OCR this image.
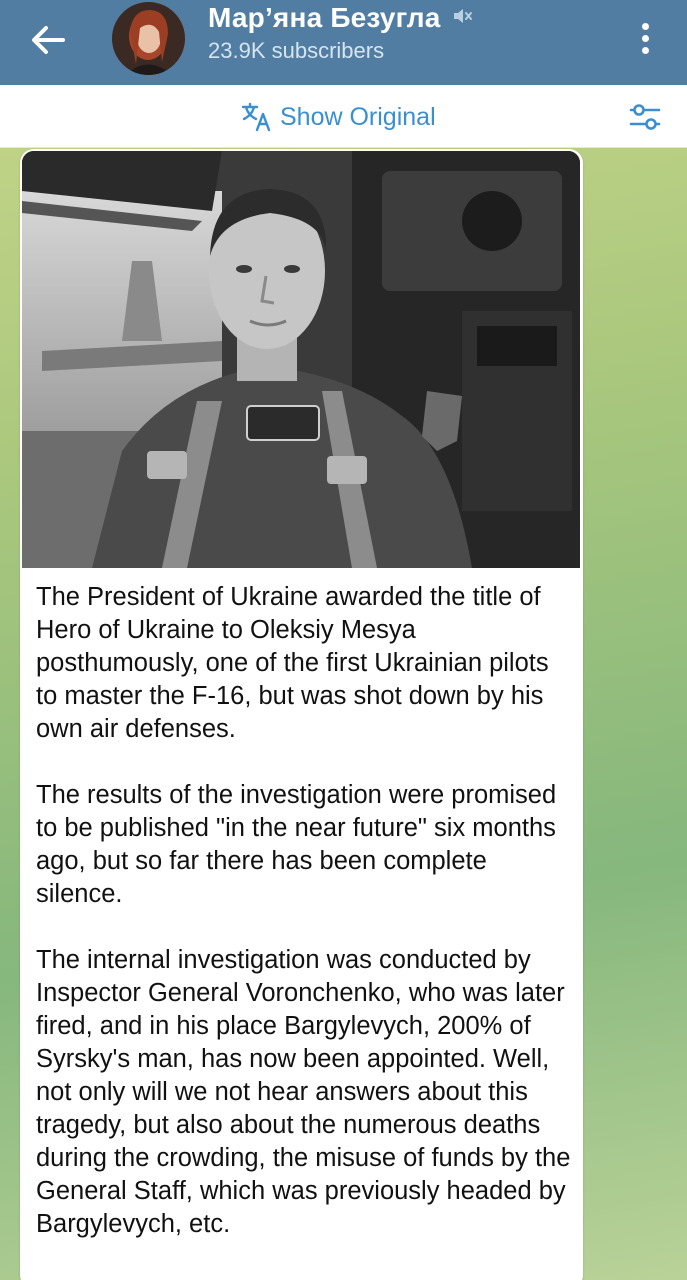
Мар’яна Безугла
23.9K subscribers
Show Original
The President of Ukraine awarded the title of Hero of Ukraine to Oleksiy Mesya posthumously, one of the first Ukrainian pilots to master the F-16, but was shot down by his own air defenses.

The results of the investigation were promised to be published "in the near future" six months ago, but so far there has been complete silence.

The internal investigation was conducted by Inspector General Voronchenko, who was later fired, and in his place Bargylevych, 200% of Syrsky's man, has now been appointed. Well, not only will we not hear answers about this tragedy, but also about the numerous deaths during the crowding, the misuse of funds by the General Staff, which was previously headed by Bargylevych, etc.
